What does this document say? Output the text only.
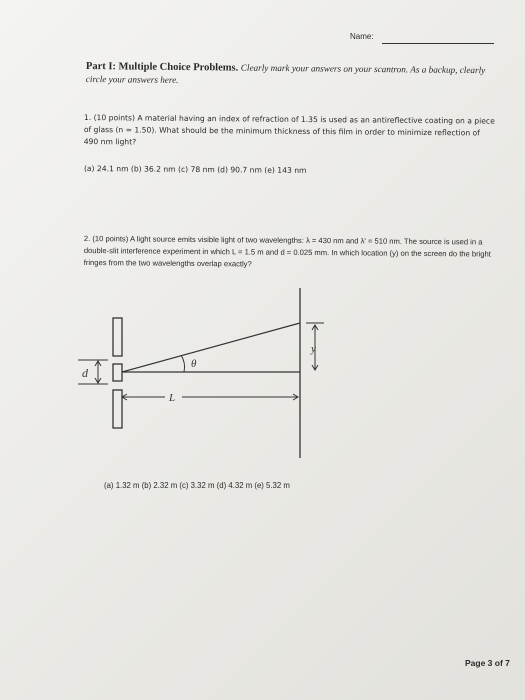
Name:
Part I: Multiple Choice Problems. Clearly mark your answers on your scantron. As a backup, clearly circle your answers here.
1. (10 points) A material having an index of refraction of 1.35 is used as an antireflective coating on a piece of glass (n = 1.50). What should be the minimum thickness of this film in order to minimize reflection of 490 nm light?
(a) 24.1 nm (b) 36.2 nm (c) 78 nm (d) 90.7 nm (e) 143 nm
2. (10 points) A light source emits visible light of two wavelengths: λ = 430 nm and λ' = 510 nm. The source is used in a double-slit interference experiment in which L = 1.5 m and d = 0.025 mm. In which location (y) on the screen do the bright fringes from the two wavelengths overlap exactly?
d
θ
y
L
(a) 1.32 m (b) 2.32 m (c) 3.32 m (d) 4.32 m (e) 5.32 m
Page 3 of 7
